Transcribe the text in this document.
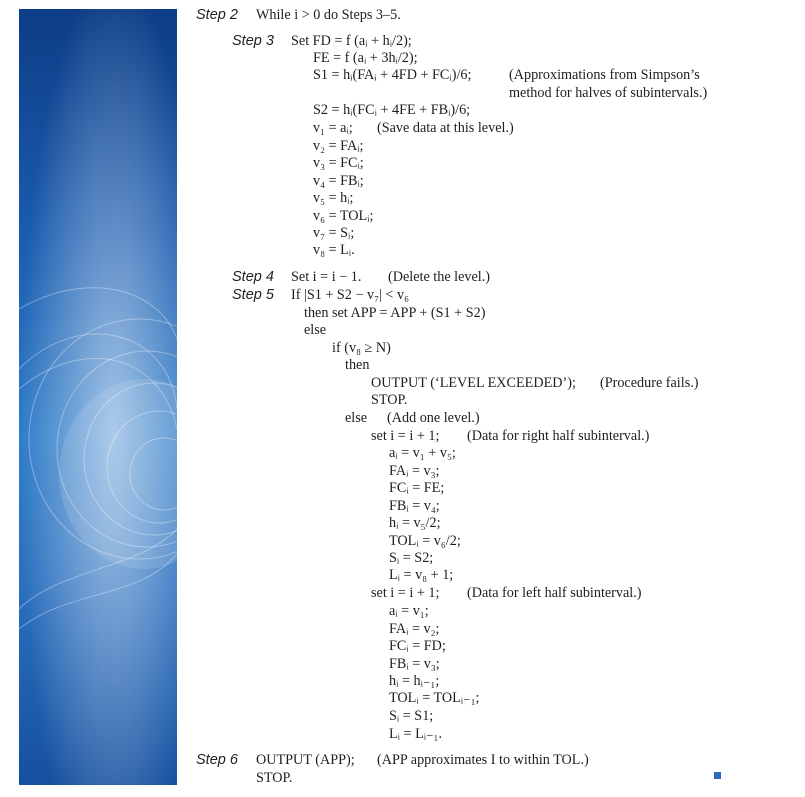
Step 2 While i > 0 do Steps 3–5.
Step 3 Set FD = f (aᵢ + hᵢ/2);
FE = f (aᵢ + 3hᵢ/2);
S1 = hᵢ(FAᵢ + 4FD + FCᵢ)/6;	(Approximations from Simpson’s
method for halves of subintervals.)
S2 = hᵢ(FCᵢ + 4FE + FBᵢ)/6;
v₁ = aᵢ; (Save data at this level.)
v₂ = FAᵢ;
v₃ = FCᵢ;
v₄ = FBᵢ;
v₅ = hᵢ;
v₆ = TOLᵢ;
v₇ = Sᵢ;
v₈ = Lᵢ.
Step 4 Set i = i − 1. (Delete the level.)
Step 5 If |S1 + S2 − v₇| < v₆
then set APP = APP + (S1 + S2)
else
if (v₈ ≥ N)
then
OUTPUT (‘LEVEL EXCEEDED’); (Procedure fails.)
STOP.
else (Add one level.)
set i = i + 1; (Data for right half subinterval.)
aᵢ = v₁ + v₅;
FAᵢ = v₃;
FCᵢ = FE;
FBᵢ = v₄;
hᵢ = v₅/2;
TOLᵢ = v₆/2;
Sᵢ = S2;
Lᵢ = v₈ + 1;
set i = i + 1; (Data for left half subinterval.)
aᵢ = v₁;
FAᵢ = v₂;
FCᵢ = FD;
FBᵢ = v₃;
hᵢ = hᵢ₋₁;
TOLᵢ = TOLᵢ₋₁;
Sᵢ = S1;
Lᵢ = Lᵢ₋₁.
Step 6 OUTPUT (APP); (APP approximates I to within TOL.)
STOP.
